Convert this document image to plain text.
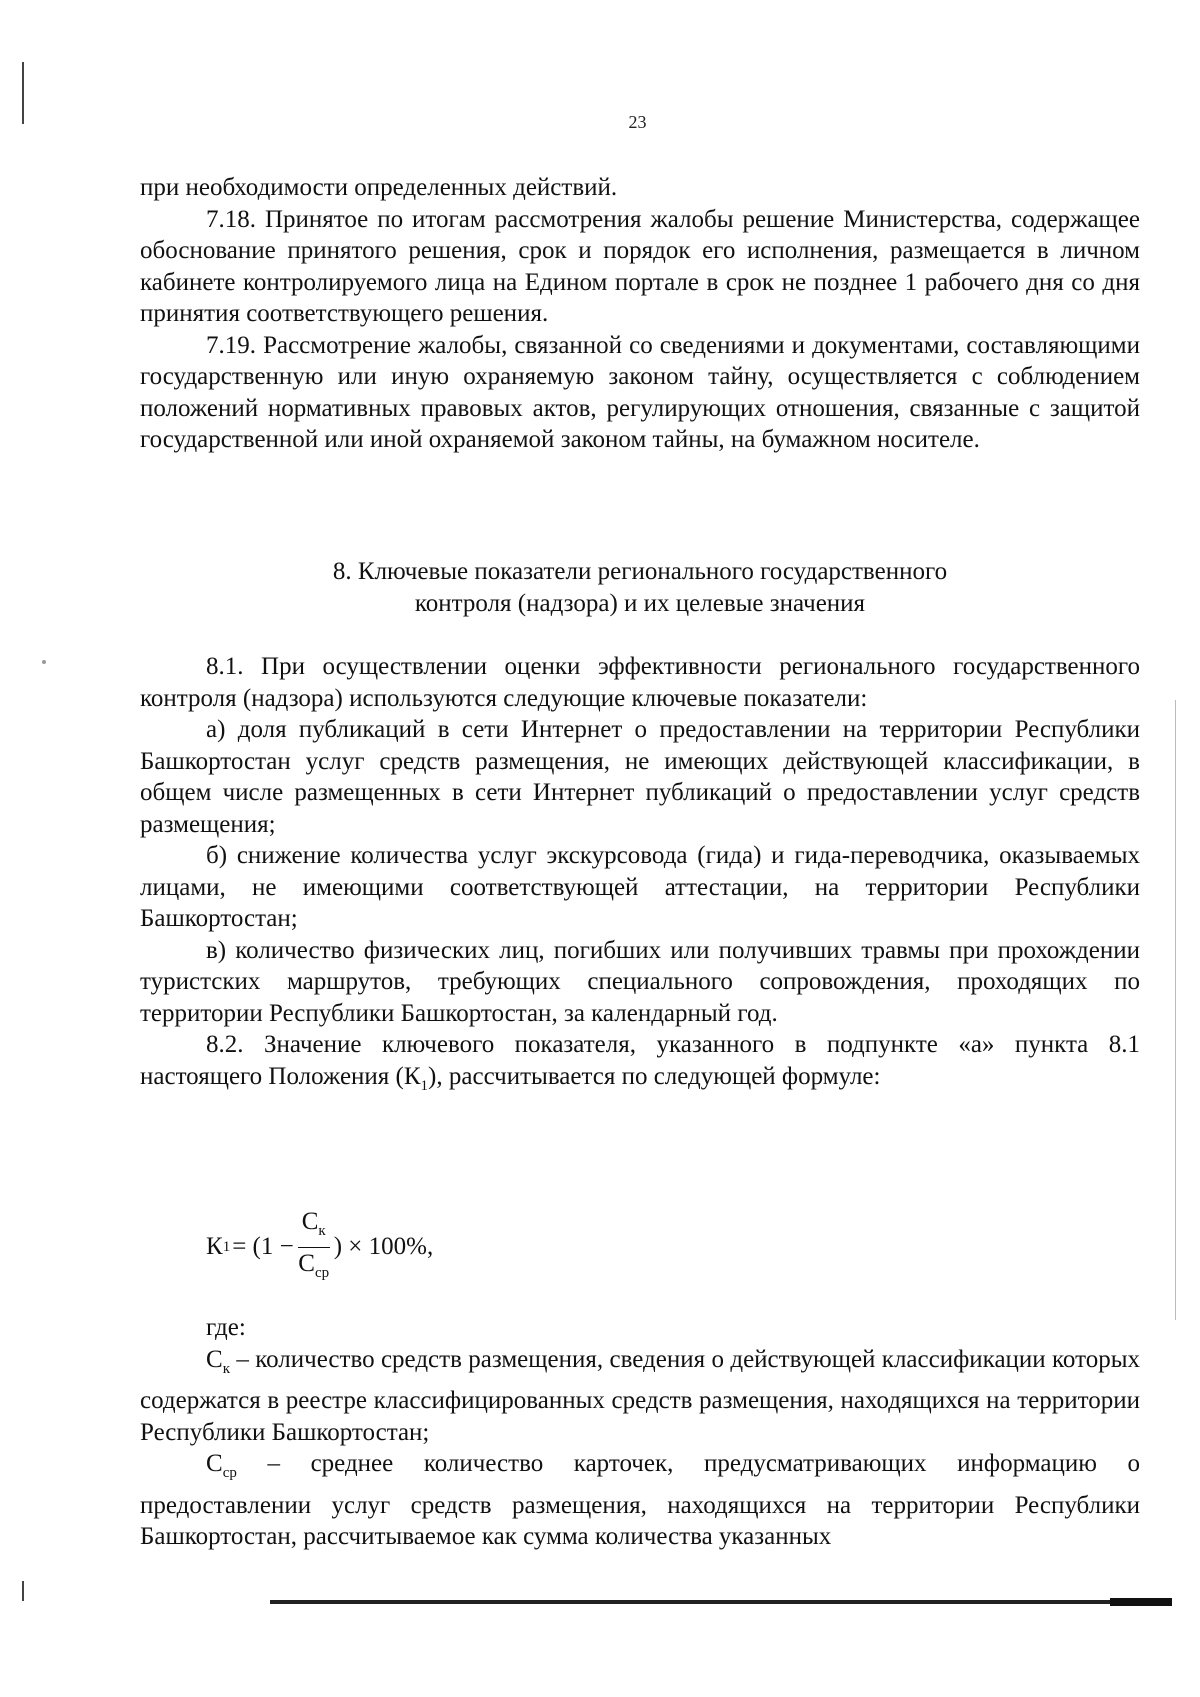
23

при необходимости определенных действий.

7.18. Принятое по итогам рассмотрения жалобы решение Министерства, содержащее обоснование принятого решения, срок и порядок его исполнения, размещается в личном кабинете контролируемого лица на Едином портале в срок не позднее 1 рабочего дня со дня принятия соответствующего решения.

7.19. Рассмотрение жалобы, связанной со сведениями и документами, составляющими государственную или иную охраняемую законом тайну, осуществляется с соблюдением положений нормативных правовых актов, регулирующих отношения, связанные с защитой государственной или иной охраняемой законом тайны, на бумажном носителе.

8. Ключевые показатели регионального государственного
контроля (надзора) и их целевые значения

8.1. При осуществлении оценки эффективности регионального государственного контроля (надзора) используются следующие ключевые показатели:

а) доля публикаций в сети Интернет о предоставлении на территории Республики Башкортостан услуг средств размещения, не имеющих действующей классификации, в общем числе размещенных в сети Интернет публикаций о предоставлении услуг средств размещения;

б) снижение количества услуг экскурсовода (гида) и гида-переводчика, оказываемых лицами, не имеющими соответствующей аттестации, на территории Республики Башкортостан;

в) количество физических лиц, погибших или получивших травмы при прохождении туристских маршрутов, требующих специального сопровождения, проходящих по территории Республики Башкортостан, за календарный год.

8.2. Значение ключевого показателя, указанного в подпункте «а» пункта 8.1 настоящего Положения $(К_1)$, рассчитывается по следующей формуле:

К $1 = (1 - \frac{С_к}{С_{ср}}$ ) × 100%,

где:

$С_к$ – количество средств размещения, сведения о действующей классификации которых содержатся в реестре классифицированных средств размещения, находящихся на территории Республики Башкортостан;

$С_{ср}$ – среднее количество карточек, предусматривающих информацию о предоставлении услуг средств размещения, находящихся на территории Республики Башкортостан, рассчитываемое как сумма количества указанных
